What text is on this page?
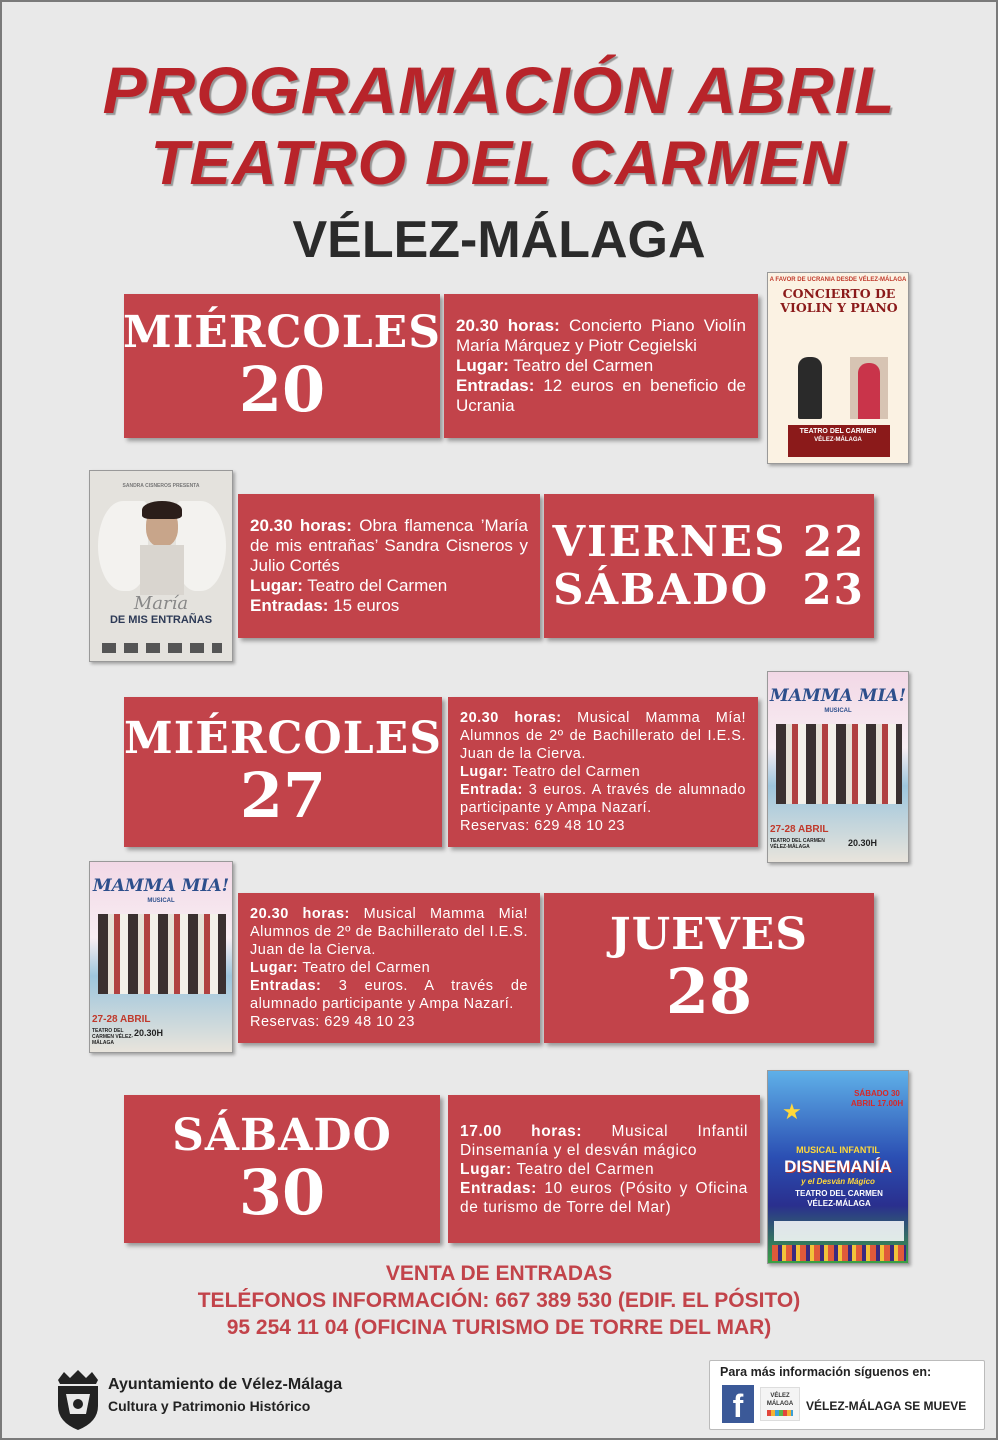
PROGRAMACIÓN ABRIL
TEATRO DEL CARMEN
VÉLEZ-MÁLAGA
MIÉRCOLES
20
20.30 horas: Concierto Piano Violín María Márquez y Piotr Cegielski
Lugar: Teatro del Carmen
Entradas: 12 euros en beneficio de Ucrania
A FAVOR DE UCRANIA DESDE VÉLEZ-MÁLAGA
CONCIERTO DE VIOLIN Y PIANO
TEATRO DEL CARMEN
VÉLEZ-MÁLAGA
SANDRA CISNEROS PRESENTA
María
DE MIS ENTRAÑAS
20.30 horas: Obra flamenca ’María de mis entrañas’ Sandra Cisneros y Julio Cortés
Lugar: Teatro del Carmen
Entradas: 15 euros
VIERNES 22
SÁBADO  23
MIÉRCOLES
27
20.30 horas: Musical Mamma Mía! Alumnos de 2º de Bachillerato del I.E.S. Juan de la Cierva.
Lugar: Teatro del Carmen
Entrada: 3 euros. A través de alumnado participante y Ampa Nazarí.
Reservas: 629 48 10 23
MAMMA MIA!
MUSICAL
27-28 ABRIL
20.30H
TEATRO DEL CARMEN VÉLEZ-MÁLAGA
MAMMA MIA!
MUSICAL
27-28 ABRIL
20.30H
TEATRO DEL CARMEN VÉLEZ-MÁLAGA
20.30 horas: Musical Mamma Mia! Alumnos de 2º de Bachillerato del I.E.S. Juan de la Cierva.
Lugar: Teatro del Carmen
Entradas: 3 euros. A través de alumnado participante y Ampa Nazarí.
Reservas: 629 48 10 23
JUEVES
28
SÁBADO
30
17.00 horas: Musical Infantil Dinsemanía y el desván mágico
Lugar: Teatro del Carmen
Entradas: 10 euros (Pósito y Oficina de turismo de Torre del Mar)
SÁBADO 30 ABRIL 17.00H
★
MUSICAL INFANTIL
DISNEMANÍA
y el Desván Mágico
TEATRO DEL CARMEN VÉLEZ-MÁLAGA
VENTA DE ENTRADAS
TELÉFONOS INFORMACIÓN: 667 389 530 (EDIF. EL PÓSITO)
95 254 11 04 (OFICINA TURISMO DE TORRE DEL MAR)
Ayuntamiento de Vélez-Málaga
Cultura y Patrimonio Histórico
Para más información síguenos en:
f	VÉLEZ MÁLAGA	VÉLEZ-MÁLAGA SE MUEVE
